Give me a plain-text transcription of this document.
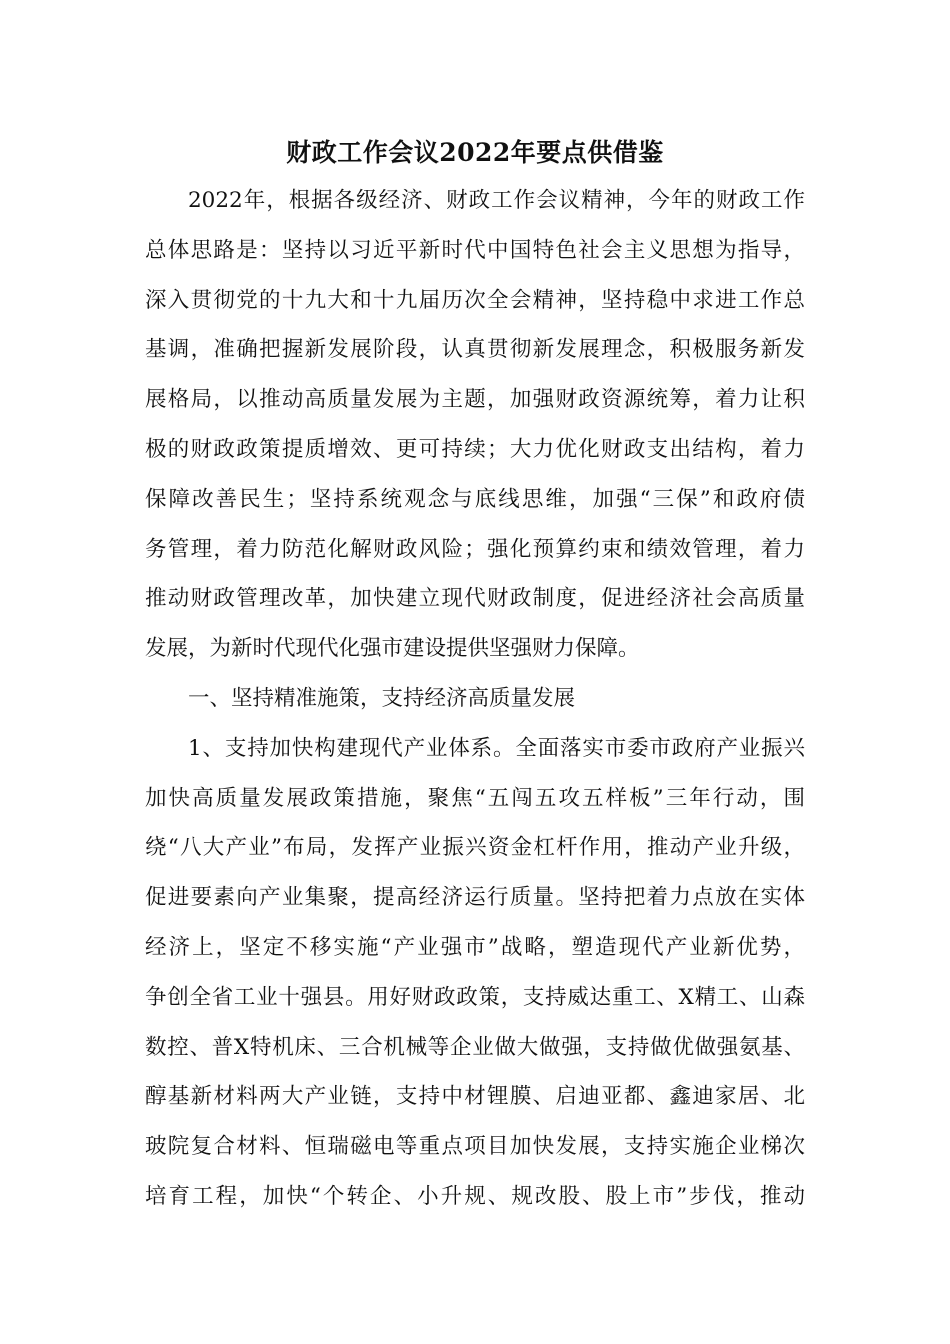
财政工作会议2022年要点供借鉴
2022年，根据各级经济、财政工作会议精神，今年的财政工作
总体思路是：坚持以习近平新时代中国特色社会主义思想为指导，
深入贯彻党的十九大和十九届历次全会精神，坚持稳中求进工作总
基调，准确把握新发展阶段，认真贯彻新发展理念，积极服务新发
展格局，以推动高质量发展为主题，加强财政资源统筹，着力让积
极的财政政策提质增效、更可持续；大力优化财政支出结构，着力
保障改善民生；坚持系统观念与底线思维，加强“三保”和政府债
务管理，着力防范化解财政风险；强化预算约束和绩效管理，着力
推动财政管理改革，加快建立现代财政制度，促进经济社会高质量
发展，为新时代现代化强市建设提供坚强财力保障。
一、坚持精准施策，支持经济高质量发展
1、支持加快构建现代产业体系。全面落实市委市政府产业振兴
加快高质量发展政策措施，聚焦“五闯五攻五样板”三年行动，围
绕“八大产业”布局，发挥产业振兴资金杠杆作用，推动产业升级，
促进要素向产业集聚，提高经济运行质量。坚持把着力点放在实体
经济上，坚定不移实施“产业强市”战略，塑造现代产业新优势，
争创全省工业十强县。用好财政政策，支持威达重工、X精工、山森
数控、普X特机床、三合机械等企业做大做强，支持做优做强氨基、
醇基新材料两大产业链，支持中材锂膜、启迪亚都、鑫迪家居、北
玻院复合材料、恒瑞磁电等重点项目加快发展，支持实施企业梯次
培育工程，加快“个转企、小升规、规改股、股上市”步伐，推动
